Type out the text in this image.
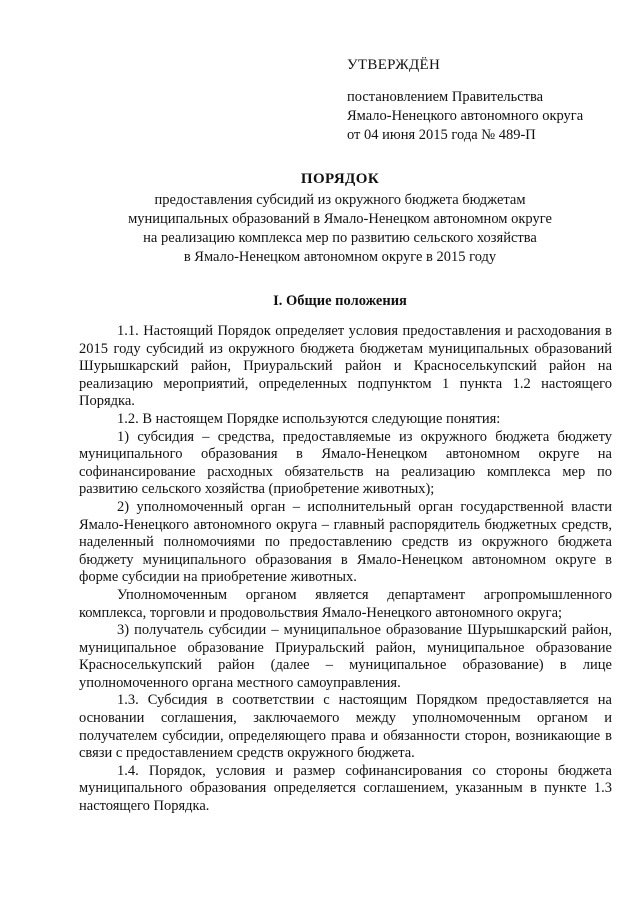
УТВЕРЖДЁН
постановлением Правительства
Ямало-Ненецкого автономного округа
от 04 июня 2015 года № 489-П
ПОРЯДОК
предоставления субсидий из окружного бюджета бюджетам
муниципальных образований в Ямало-Ненецком автономном округе
на реализацию комплекса мер по развитию сельского хозяйства
в Ямало-Ненецком автономном округе в 2015 году
I. Общие положения

1.1. Настоящий Порядок определяет условия предоставления и расходования в 2015 году субсидий из окружного бюджета бюджетам муниципальных образований Шурышкарский район, Приуральский район и Красноселькупский район на реализацию мероприятий, определенных подпунктом 1 пункта 1.2 настоящего Порядка.

1.2. В настоящем Порядке используются следующие понятия:

1) субсидия – средства, предоставляемые из окружного бюджета бюджету муниципального образования в Ямало-Ненецком автономном округе на софинансирование расходных обязательств на реализацию комплекса мер по развитию сельского хозяйства (приобретение животных);

2) уполномоченный орган – исполнительный орган государственной власти Ямало-Ненецкого автономного округа – главный распорядитель бюджетных средств, наделенный полномочиями по предоставлению средств из окружного бюджета бюджету муниципального образования в Ямало-Ненецком автономном округе в форме субсидии на приобретение животных.

Уполномоченным органом является департамент агропромышленного комплекса, торговли и продовольствия Ямало-Ненецкого автономного округа;

3) получатель субсидии – муниципальное образование Шурышкарский район, муниципальное образование Приуральский район, муниципальное образование Красноселькупский район (далее – муниципальное образование) в лице уполномоченного органа местного самоуправления.

1.3. Субсидия в соответствии с настоящим Порядком предоставляется на основании соглашения, заключаемого между уполномоченным органом и получателем субсидии, определяющего права и обязанности сторон, возникающие в связи с предоставлением средств окружного бюджета.

1.4. Порядок, условия и размер софинансирования со стороны бюджета муниципального образования определяется соглашением, указанным в пункте 1.3 настоящего Порядка.
